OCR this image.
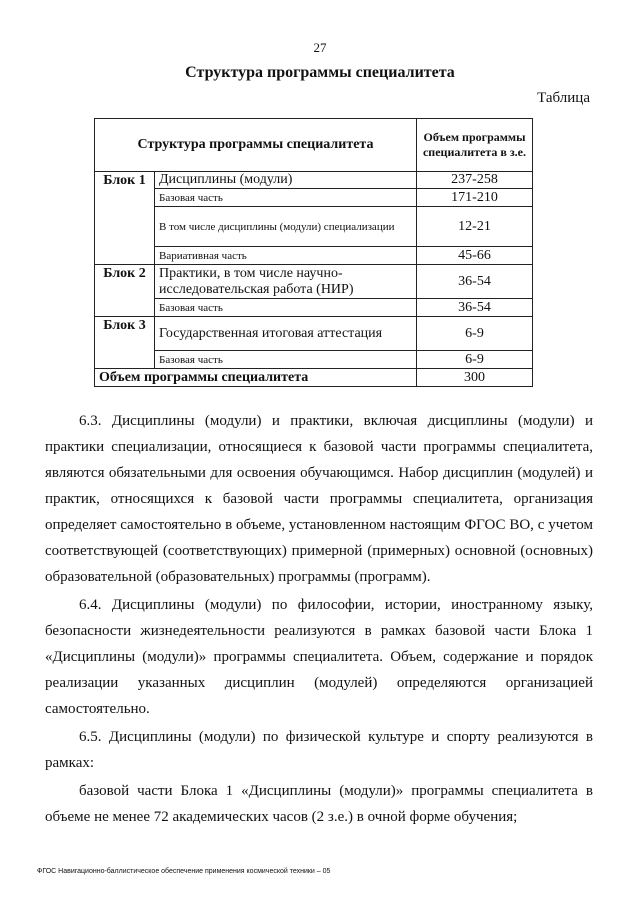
27
Структура программы специалитета
Таблица
Структура программы специалитета		Объем программы специалитета в з.е.
Блок 1	Дисциплины (модули)	237-258
	Базовая часть	171-210
	В том числе дисциплины (модули) специализации	12-21
	Вариативная часть	45-66
Блок 2	Практики, в том числе научно-исследовательская работа (НИР)	36-54
	Базовая часть	36-54
Блок 3	Государственная итоговая аттестация	6-9
	Базовая часть	6-9
Объем программы специалитета		300

6.3. Дисциплины (модули) и практики, включая дисциплины (модули) и практики специализации, относящиеся к базовой части программы специалитета, являются обязательными для освоения обучающимся. Набор дисциплин (модулей) и практик, относящихся к базовой части программы специалитета, организация определяет самостоятельно в объеме, установленном настоящим ФГОС ВО, с учетом соответствующей (соответствующих) примерной (примерных) основной (основных) образовательной (образовательных) программы (программ).

6.4. Дисциплины (модули) по философии, истории, иностранному языку, безопасности жизнедеятельности реализуются в рамках базовой части Блока 1 «Дисциплины (модули)» программы специалитета. Объем, содержание и порядок реализации указанных дисциплин (модулей) определяются организацией самостоятельно.

6.5. Дисциплины (модули) по физической культуре и спорту реализуются в рамках:

базовой части Блока 1 «Дисциплины (модули)» программы специалитета в объеме не менее 72 академических часов (2 з.е.) в очной форме обучения;

ФГОС Навигационно-баллистическое обеспечение применения космической техники – 05
